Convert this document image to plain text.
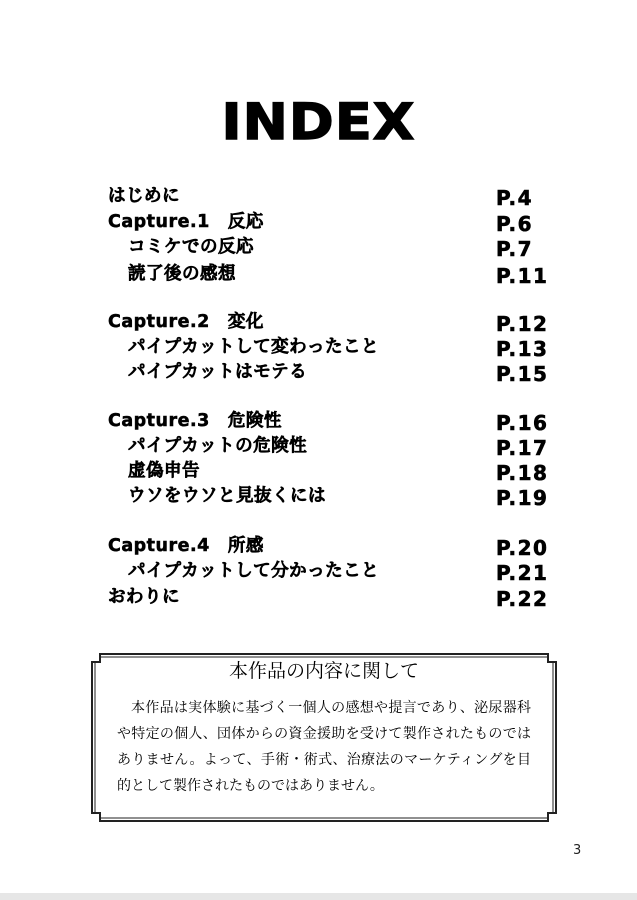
INDEX
はじめに	P.4
Capture.1　反応	P.6
コミケでの反応	P.7
読了後の感想	P.11
Capture.2　変化	P.12
パイプカットして変わったこと	P.13
パイプカットはモテる	P.15
Capture.3　危険性	P.16
パイプカットの危険性	P.17
虚偽申告	P.18
ウソをウソと見抜くには	P.19
Capture.4　所感	P.20
パイプカットして分かったこと	P.21
おわりに	P.22
本作品の内容に関して
本作品は実体験に基づく一個人の感想や提言であり、泌尿器科や特定の個人、団体からの資金援助を受けて製作されたものではありません。よって、手術・術式、治療法のマーケティングを目的として製作されたものではありません。
3
